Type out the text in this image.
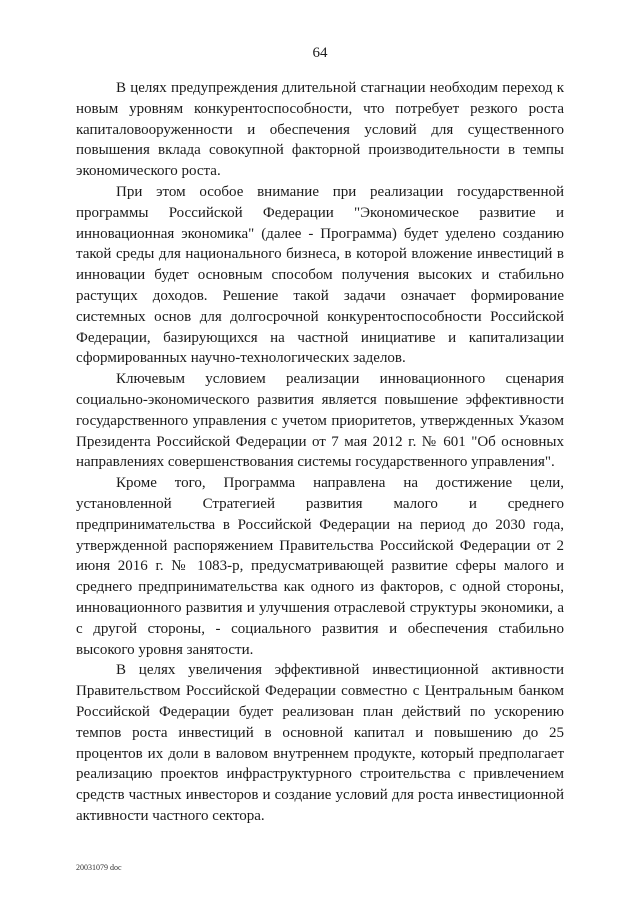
64

В целях предупреждения длительной стагнации необходим переход к новым уровням конкурентоспособности, что потребует резкого роста капиталовооруженности и обеспечения условий для существенного повышения вклада совокупной факторной производительности в темпы экономического роста.

При этом особое внимание при реализации государственной программы Российской Федерации "Экономическое развитие и инновационная экономика" (далее - Программа) будет уделено созданию такой среды для национального бизнеса, в которой вложение инвестиций в инновации будет основным способом получения высоких и стабильно растущих доходов. Решение такой задачи означает формирование системных основ для долгосрочной конкурентоспособности Российской Федерации, базирующихся на частной инициативе и капитализации сформированных научно-технологических заделов.

Ключевым условием реализации инновационного сценария социально-экономического развития является повышение эффективности государственного управления с учетом приоритетов, утвержденных Указом Президента Российской Федерации от 7 мая 2012 г. № 601 "Об основных направлениях совершенствования системы государственного управления".

Кроме того, Программа направлена на достижение цели, установленной Стратегией развития малого и среднего предпринимательства в Российской Федерации на период до 2030 года, утвержденной распоряжением Правительства Российской Федерации от 2 июня 2016 г. № 1083-р, предусматривающей развитие сферы малого и среднего предпринимательства как одного из факторов, с одной стороны, инновационного развития и улучшения отраслевой структуры экономики, а с другой стороны, - социального развития и обеспечения стабильно высокого уровня занятости.

В целях увеличения эффективной инвестиционной активности Правительством Российской Федерации совместно с Центральным банком Российской Федерации будет реализован план действий по ускорению темпов роста инвестиций в основной капитал и повышению до 25 процентов их доли в валовом внутреннем продукте, который предполагает реализацию проектов инфраструктурного строительства с привлечением средств частных инвесторов и создание условий для роста инвестиционной активности частного сектора.

20031079 doc
